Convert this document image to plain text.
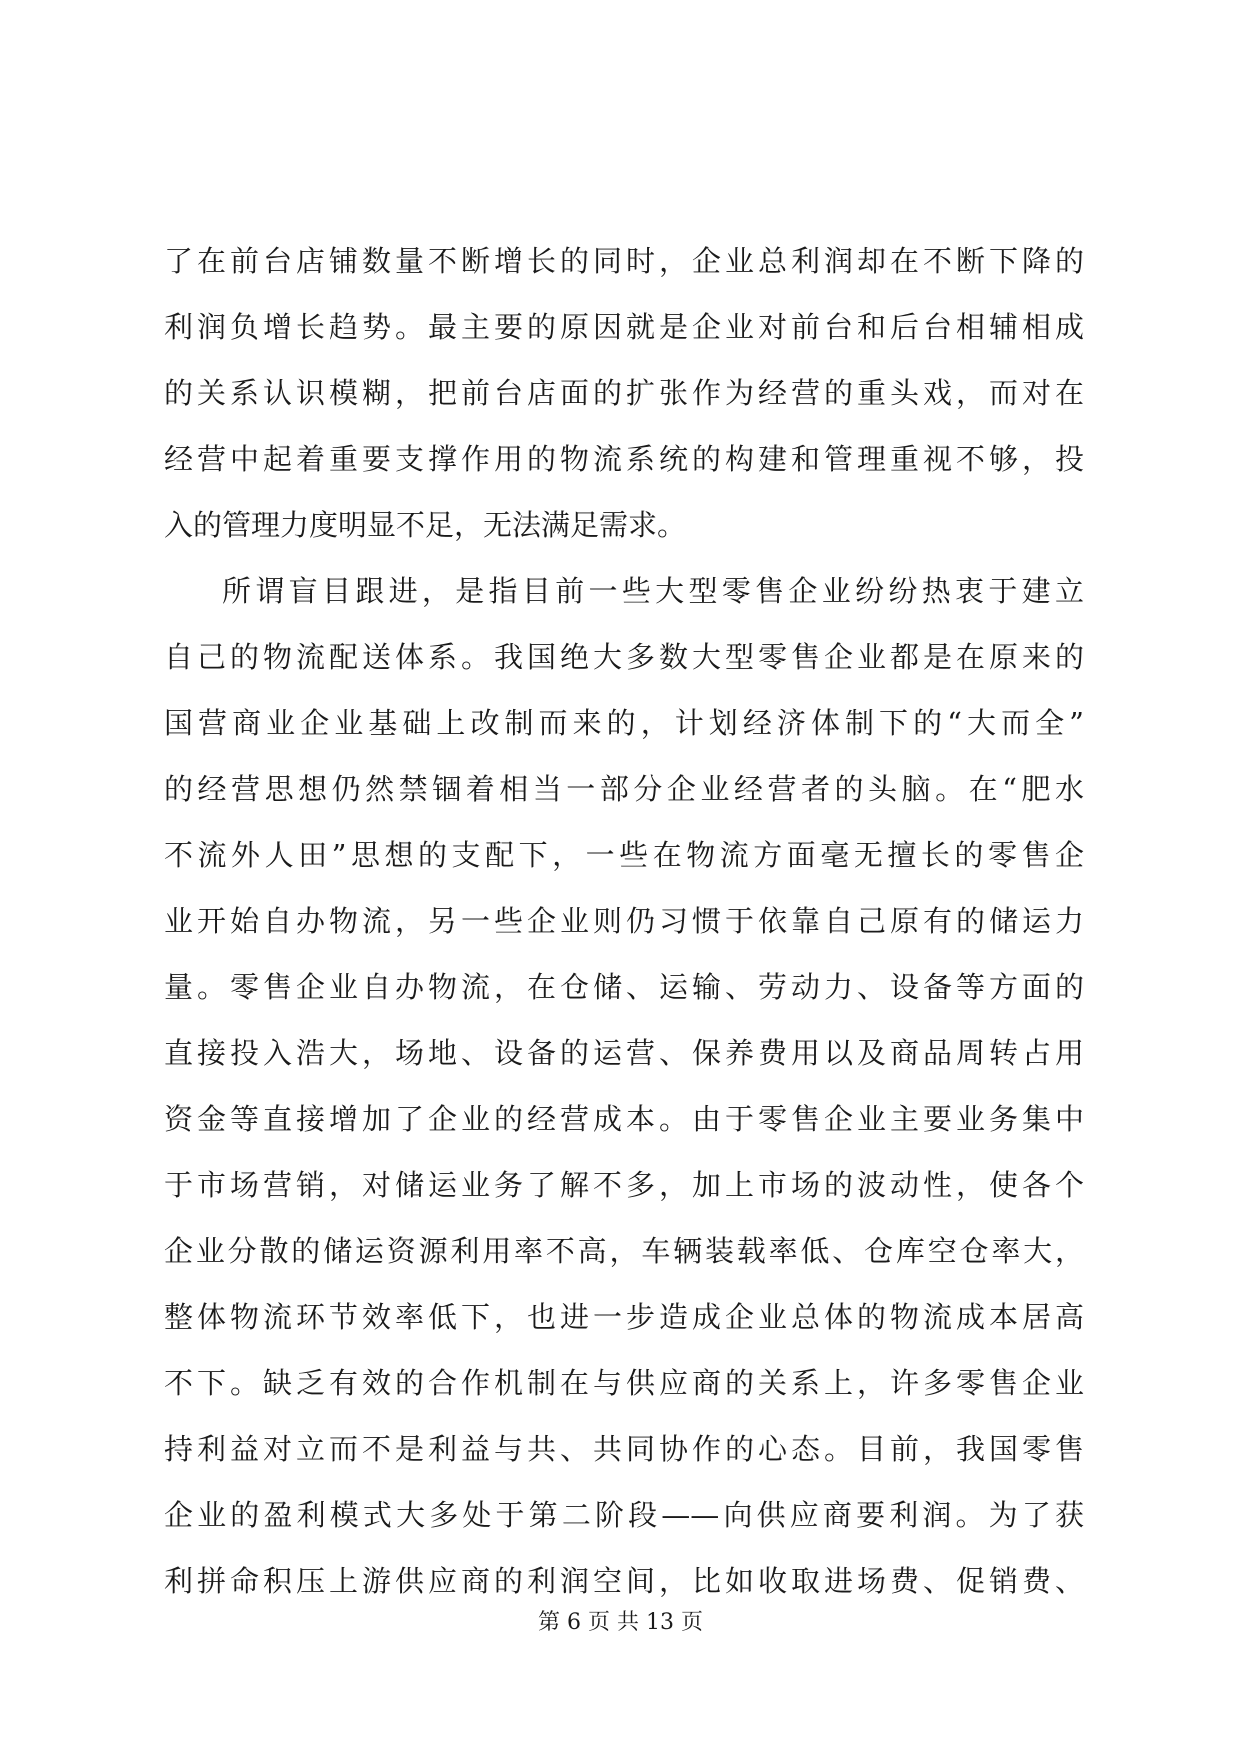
了在前台店铺数量不断增长的同时，企业总利润却在不断下降的
利润负增长趋势。最主要的原因就是企业对前台和后台相辅相成
的关系认识模糊，把前台店面的扩张作为经营的重头戏，而对在
经营中起着重要支撑作用的物流系统的构建和管理重视不够，投
入的管理力度明显不足，无法满足需求。
所谓盲目跟进，是指目前一些大型零售企业纷纷热衷于建立
自己的物流配送体系。我国绝大多数大型零售企业都是在原来的
国营商业企业基础上改制而来的，计划经济体制下的“大而全”
的经营思想仍然禁锢着相当一部分企业经营者的头脑。在“肥水
不流外人田”思想的支配下，一些在物流方面毫无擅长的零售企
业开始自办物流，另一些企业则仍习惯于依靠自己原有的储运力
量。零售企业自办物流，在仓储、运输、劳动力、设备等方面的
直接投入浩大，场地、设备的运营、保养费用以及商品周转占用
资金等直接增加了企业的经营成本。由于零售企业主要业务集中
于市场营销，对储运业务了解不多，加上市场的波动性，使各个
企业分散的储运资源利用率不高，车辆装载率低、仓库空仓率大，
整体物流环节效率低下，也进一步造成企业总体的物流成本居高
不下。缺乏有效的合作机制在与供应商的关系上，许多零售企业
持利益对立而不是利益与共、共同协作的心态。目前，我国零售
企业的盈利模式大多处于第二阶段——向供应商要利润。为了获
利拼命积压上游供应商的利润空间，比如收取进场费、促销费、
第 6 页 共 13 页
